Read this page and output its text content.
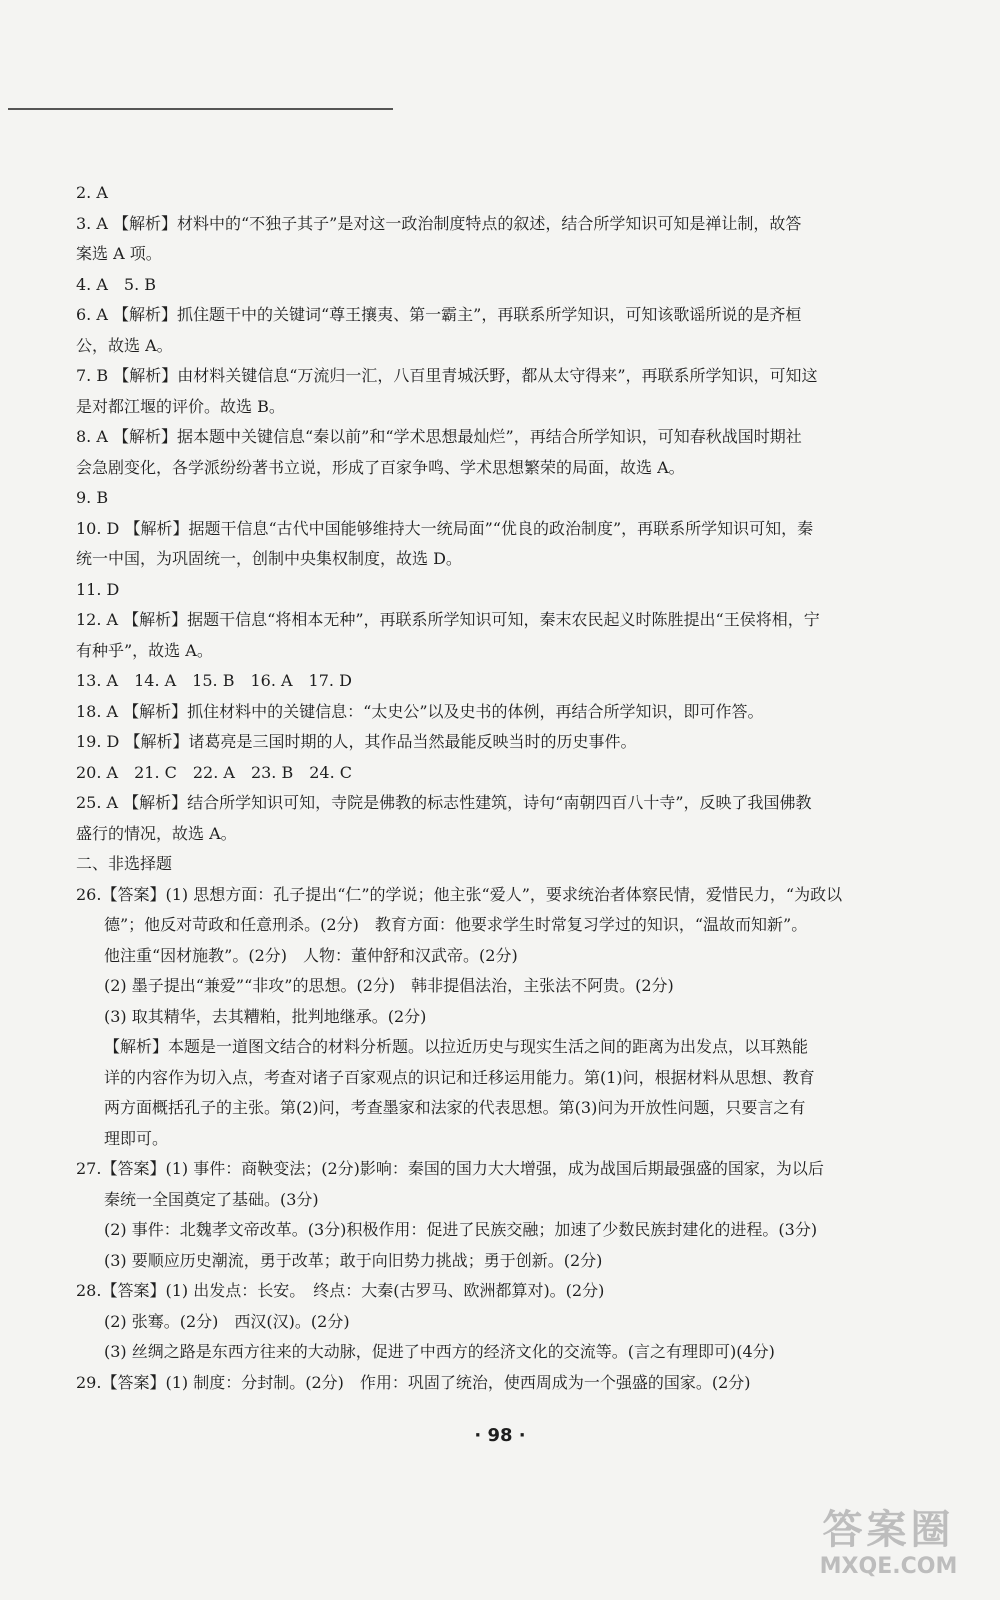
2. A
3. A 【解析】材料中的“不独子其子”是对这一政治制度特点的叙述，结合所学知识可知是禅让制，故答
案选 A 项。
4. A　5. B
6. A 【解析】抓住题干中的关键词“尊王攘夷、第一霸主”，再联系所学知识，可知该歌谣所说的是齐桓
公，故选 A。
7. B 【解析】由材料关键信息“万流归一汇，八百里青城沃野，都从太守得来”，再联系所学知识，可知这
是对都江堰的评价。故选 B。
8. A 【解析】据本题中关键信息“秦以前”和“学术思想最灿烂”，再结合所学知识，可知春秋战国时期社
会急剧变化，各学派纷纷著书立说，形成了百家争鸣、学术思想繁荣的局面，故选 A。
9. B
10. D 【解析】据题干信息“古代中国能够维持大一统局面”“优良的政治制度”，再联系所学知识可知，秦
统一中国，为巩固统一，创制中央集权制度，故选 D。
11. D
12. A 【解析】据题干信息“将相本无种”，再联系所学知识可知，秦末农民起义时陈胜提出“王侯将相，宁
有种乎”，故选 A。
13. A　14. A　15. B　16. A　17. D
18. A 【解析】抓住材料中的关键信息：“太史公”以及史书的体例，再结合所学知识，即可作答。
19. D 【解析】诸葛亮是三国时期的人，其作品当然最能反映当时的历史事件。
20. A　21. C　22. A　23. B　24. C
25. A 【解析】结合所学知识可知，寺院是佛教的标志性建筑，诗句“南朝四百八十寺”，反映了我国佛教
盛行的情况，故选 A。
二、非选择题
26.【答案】(1) 思想方面：孔子提出“仁”的学说；他主张“爱人”，要求统治者体察民情，爱惜民力，“为政以
德”；他反对苛政和任意刑杀。(2分)　教育方面：他要求学生时常复习学过的知识，“温故而知新”。
他注重“因材施教”。(2分)　人物：董仲舒和汉武帝。(2分)
(2) 墨子提出“兼爱”“非攻”的思想。(2分)　韩非提倡法治，主张法不阿贵。(2分)
(3) 取其精华，去其糟粕，批判地继承。(2分)
【解析】本题是一道图文结合的材料分析题。以拉近历史与现实生活之间的距离为出发点，以耳熟能
详的内容作为切入点，考查对诸子百家观点的识记和迁移运用能力。第(1)问，根据材料从思想、教育
两方面概括孔子的主张。第(2)问，考查墨家和法家的代表思想。第(3)问为开放性问题，只要言之有
理即可。
27.【答案】(1) 事件：商鞅变法；(2分)影响：秦国的国力大大增强，成为战国后期最强盛的国家，为以后
秦统一全国奠定了基础。(3分)
(2) 事件：北魏孝文帝改革。(3分)积极作用：促进了民族交融；加速了少数民族封建化的进程。(3分)
(3) 要顺应历史潮流，勇于改革；敢于向旧势力挑战；勇于创新。(2分)
28.【答案】(1) 出发点：长安。　终点：大秦(古罗马、欧洲都算对)。(2分)
(2) 张骞。(2分)　西汉(汉)。(2分)
(3) 丝绸之路是东西方往来的大动脉，促进了中西方的经济文化的交流等。(言之有理即可)(4分)
29.【答案】(1) 制度：分封制。(2分)　作用：巩固了统治，使西周成为一个强盛的国家。(2分)
· 98 ·
答案圈
MXQE.COM
